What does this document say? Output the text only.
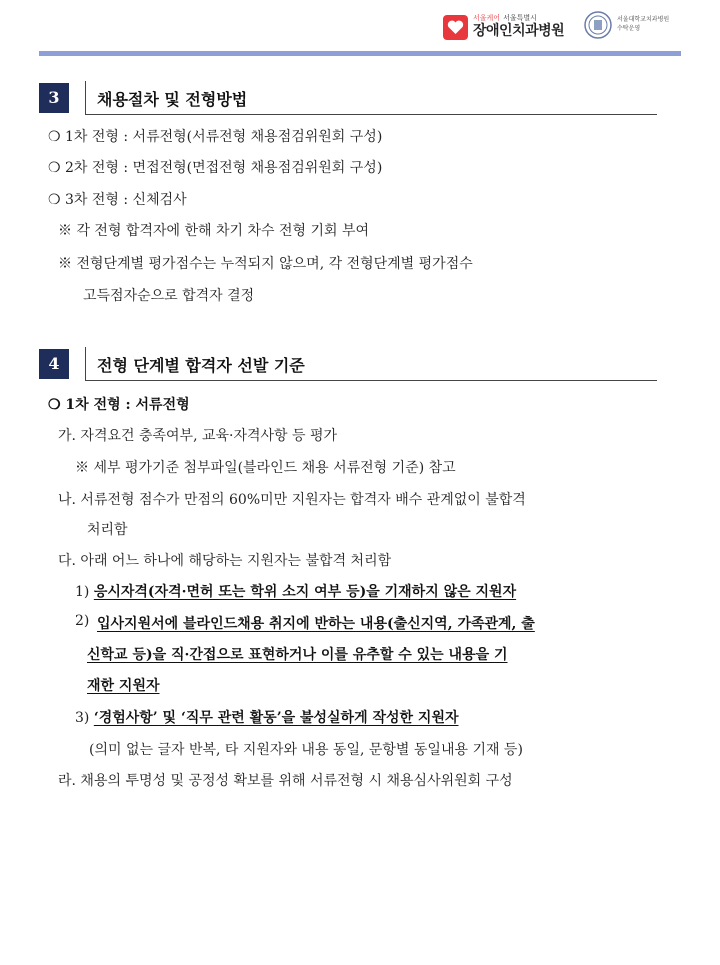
서울케어 서울특별시
장애인치과병원
서울대학교치과병원
수탁운영
3	채용절차 및 전형방법
❍ 1차 전형 : 서류전형(서류전형 채용점검위원회 구성)
❍ 2차 전형 : 면접전형(면접전형 채용점검위원회 구성)
❍ 3차 전형 : 신체검사
※ 각 전형 합격자에 한해 차기 차수 전형 기회 부여
※ 전형단계별 평가점수는 누적되지 않으며, 각 전형단계별 평가점수
고득점자순으로 합격자 결정
4	전형 단계별 합격자 선발 기준
❍ 1차 전형 : 서류전형
가. 자격요건 충족여부, 교육·자격사항 등 평가
※ 세부 평가기준 첨부파일(블라인드 채용 서류전형 기준) 참고
나. 서류전형 점수가 만점의 60%미만 지원자는 합격자 배수 관계없이 불합격
처리함
다. 아래 어느 하나에 해당하는 지원자는 불합격 처리함
1) 응시자격(자격·면허 또는 학위 소지 여부 등)을 기재하지 않은 지원자
2) 입사지원서에 블라인드채용 취지에 반하는 내용(출신지역, 가족관계, 출
신학교 등)을 직·간접으로 표현하거나 이를 유추할 수 있는 내용을 기
재한 지원자
3) ‘경험사항’ 및 ‘직무 관련 활동’을 불성실하게 작성한 지원자
(의미 없는 글자 반복, 타 지원자와 내용 동일, 문항별 동일내용 기재 등)
라. 채용의 투명성 및 공정성 확보를 위해 서류전형 시 채용심사위원회 구성
